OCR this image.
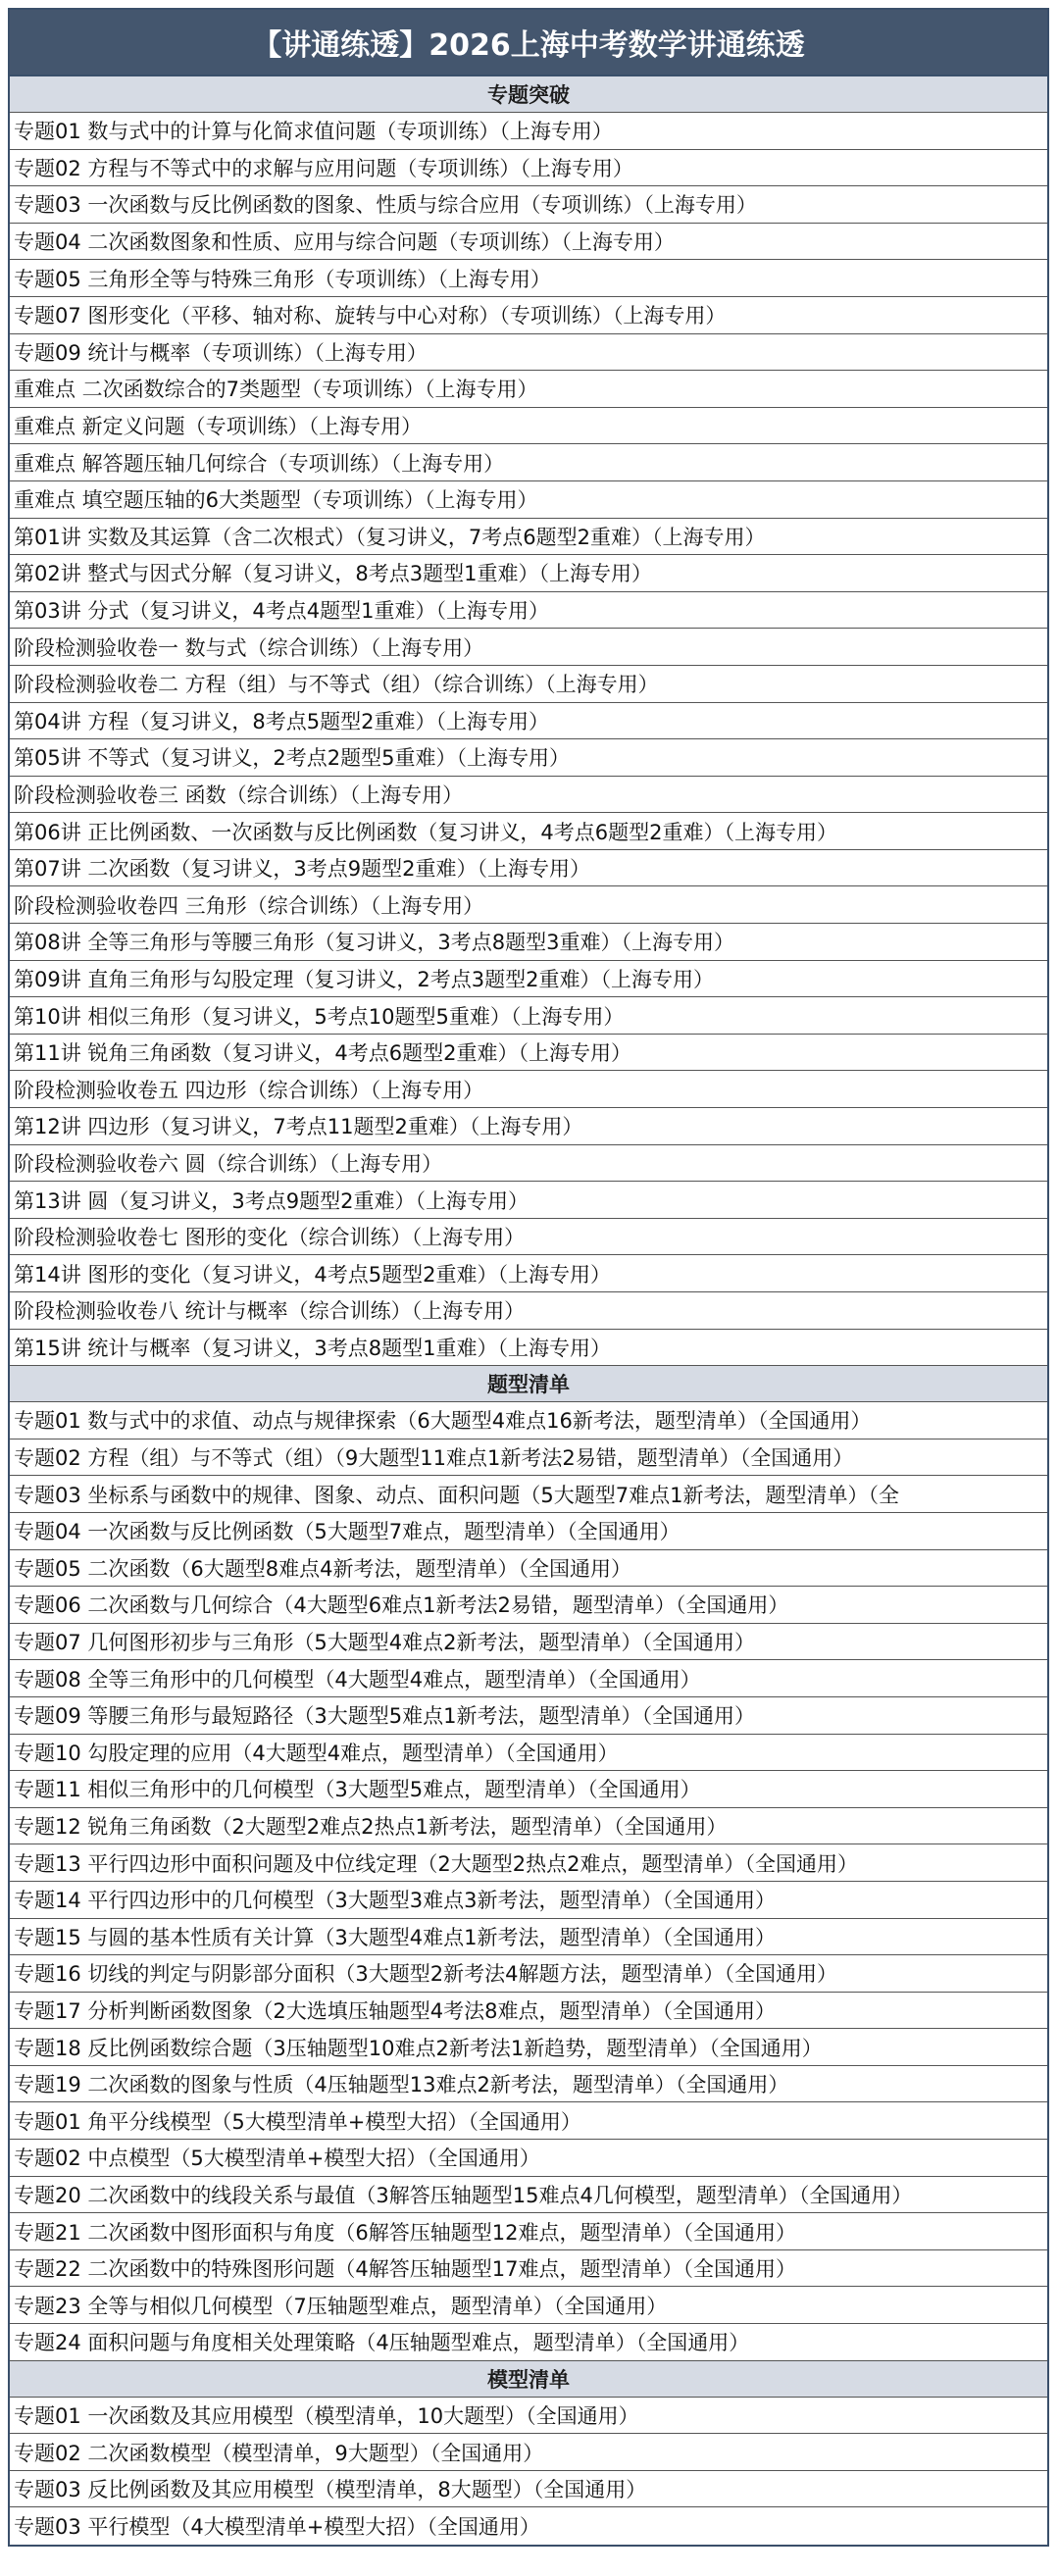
【讲通练透】2026上海中考数学讲通练透
专题突破
专题01 数与式中的计算与化简求值问题（专项训练）（上海专用）
专题02 方程与不等式中的求解与应用问题（专项训练）（上海专用）
专题03 一次函数与反比例函数的图象、性质与综合应用（专项训练）（上海专用）
专题04 二次函数图象和性质、应用与综合问题（专项训练）（上海专用）
专题05 三角形全等与特殊三角形（专项训练）（上海专用）
专题07 图形变化（平移、轴对称、旋转与中心对称）（专项训练）（上海专用）
专题09 统计与概率（专项训练）（上海专用）
重难点 二次函数综合的7类题型（专项训练）（上海专用）
重难点 新定义问题（专项训练）（上海专用）
重难点 解答题压轴几何综合（专项训练）（上海专用）
重难点 填空题压轴的6大类题型（专项训练）（上海专用）
第01讲 实数及其运算（含二次根式）（复习讲义，7考点6题型2重难）（上海专用）
第02讲 整式与因式分解（复习讲义，8考点3题型1重难）（上海专用）
第03讲 分式（复习讲义，4考点4题型1重难）（上海专用）
阶段检测验收卷一 数与式（综合训练）（上海专用）
阶段检测验收卷二 方程（组）与不等式（组）（综合训练）（上海专用）
第04讲 方程（复习讲义，8考点5题型2重难）（上海专用）
第05讲 不等式（复习讲义，2考点2题型5重难）（上海专用）
阶段检测验收卷三 函数（综合训练）（上海专用）
第06讲 正比例函数、一次函数与反比例函数（复习讲义，4考点6题型2重难）（上海专用）
第07讲 二次函数（复习讲义，3考点9题型2重难）（上海专用）
阶段检测验收卷四 三角形（综合训练）（上海专用）
第08讲 全等三角形与等腰三角形（复习讲义，3考点8题型3重难）（上海专用）
第09讲 直角三角形与勾股定理（复习讲义，2考点3题型2重难）（上海专用）
第10讲 相似三角形（复习讲义，5考点10题型5重难）（上海专用）
第11讲 锐角三角函数（复习讲义，4考点6题型2重难）（上海专用）
阶段检测验收卷五 四边形（综合训练）（上海专用）
第12讲 四边形（复习讲义，7考点11题型2重难）（上海专用）
阶段检测验收卷六 圆（综合训练）（上海专用）
第13讲 圆（复习讲义，3考点9题型2重难）（上海专用）
阶段检测验收卷七 图形的变化（综合训练）（上海专用）
第14讲 图形的变化（复习讲义，4考点5题型2重难）（上海专用）
阶段检测验收卷八 统计与概率（综合训练）（上海专用）
第15讲 统计与概率（复习讲义，3考点8题型1重难）（上海专用）
题型清单
专题01 数与式中的求值、动点与规律探索（6大题型4难点16新考法，题型清单）（全国通用）
专题02 方程（组）与不等式（组）（9大题型11难点1新考法2易错，题型清单）（全国通用）
专题03 坐标系与函数中的规律、图象、动点、面积问题（5大题型7难点1新考法，题型清单）（全
专题04 一次函数与反比例函数（5大题型7难点，题型清单）（全国通用）
专题05 二次函数（6大题型8难点4新考法，题型清单）（全国通用）
专题06 二次函数与几何综合（4大题型6难点1新考法2易错，题型清单）（全国通用）
专题07 几何图形初步与三角形（5大题型4难点2新考法，题型清单）（全国通用）
专题08 全等三角形中的几何模型（4大题型4难点，题型清单）（全国通用）
专题09 等腰三角形与最短路径（3大题型5难点1新考法，题型清单）（全国通用）
专题10 勾股定理的应用（4大题型4难点，题型清单）（全国通用）
专题11 相似三角形中的几何模型（3大题型5难点，题型清单）（全国通用）
专题12 锐角三角函数（2大题型2难点2热点1新考法，题型清单）（全国通用）
专题13 平行四边形中面积问题及中位线定理（2大题型2热点2难点，题型清单）（全国通用）
专题14 平行四边形中的几何模型（3大题型3难点3新考法，题型清单）（全国通用）
专题15 与圆的基本性质有关计算（3大题型4难点1新考法，题型清单）（全国通用）
专题16 切线的判定与阴影部分面积（3大题型2新考法4解题方法，题型清单）（全国通用）
专题17 分析判断函数图象（2大选填压轴题型4考法8难点，题型清单）（全国通用）
专题18 反比例函数综合题（3压轴题型10难点2新考法1新趋势，题型清单）（全国通用）
专题19 二次函数的图象与性质（4压轴题型13难点2新考法，题型清单）（全国通用）
专题01 角平分线模型（5大模型清单+模型大招）（全国通用）
专题02 中点模型（5大模型清单+模型大招）（全国通用）
专题20 二次函数中的线段关系与最值（3解答压轴题型15难点4几何模型，题型清单）（全国通用）
专题21 二次函数中图形面积与角度（6解答压轴题型12难点，题型清单）（全国通用）
专题22 二次函数中的特殊图形问题（4解答压轴题型17难点，题型清单）（全国通用）
专题23 全等与相似几何模型（7压轴题型难点，题型清单）（全国通用）
专题24 面积问题与角度相关处理策略（4压轴题型难点，题型清单）（全国通用）
模型清单
专题01 一次函数及其应用模型（模型清单，10大题型）（全国通用）
专题02 二次函数模型（模型清单，9大题型）（全国通用）
专题03 反比例函数及其应用模型（模型清单，8大题型）（全国通用）
专题03 平行模型（4大模型清单+模型大招）（全国通用）
